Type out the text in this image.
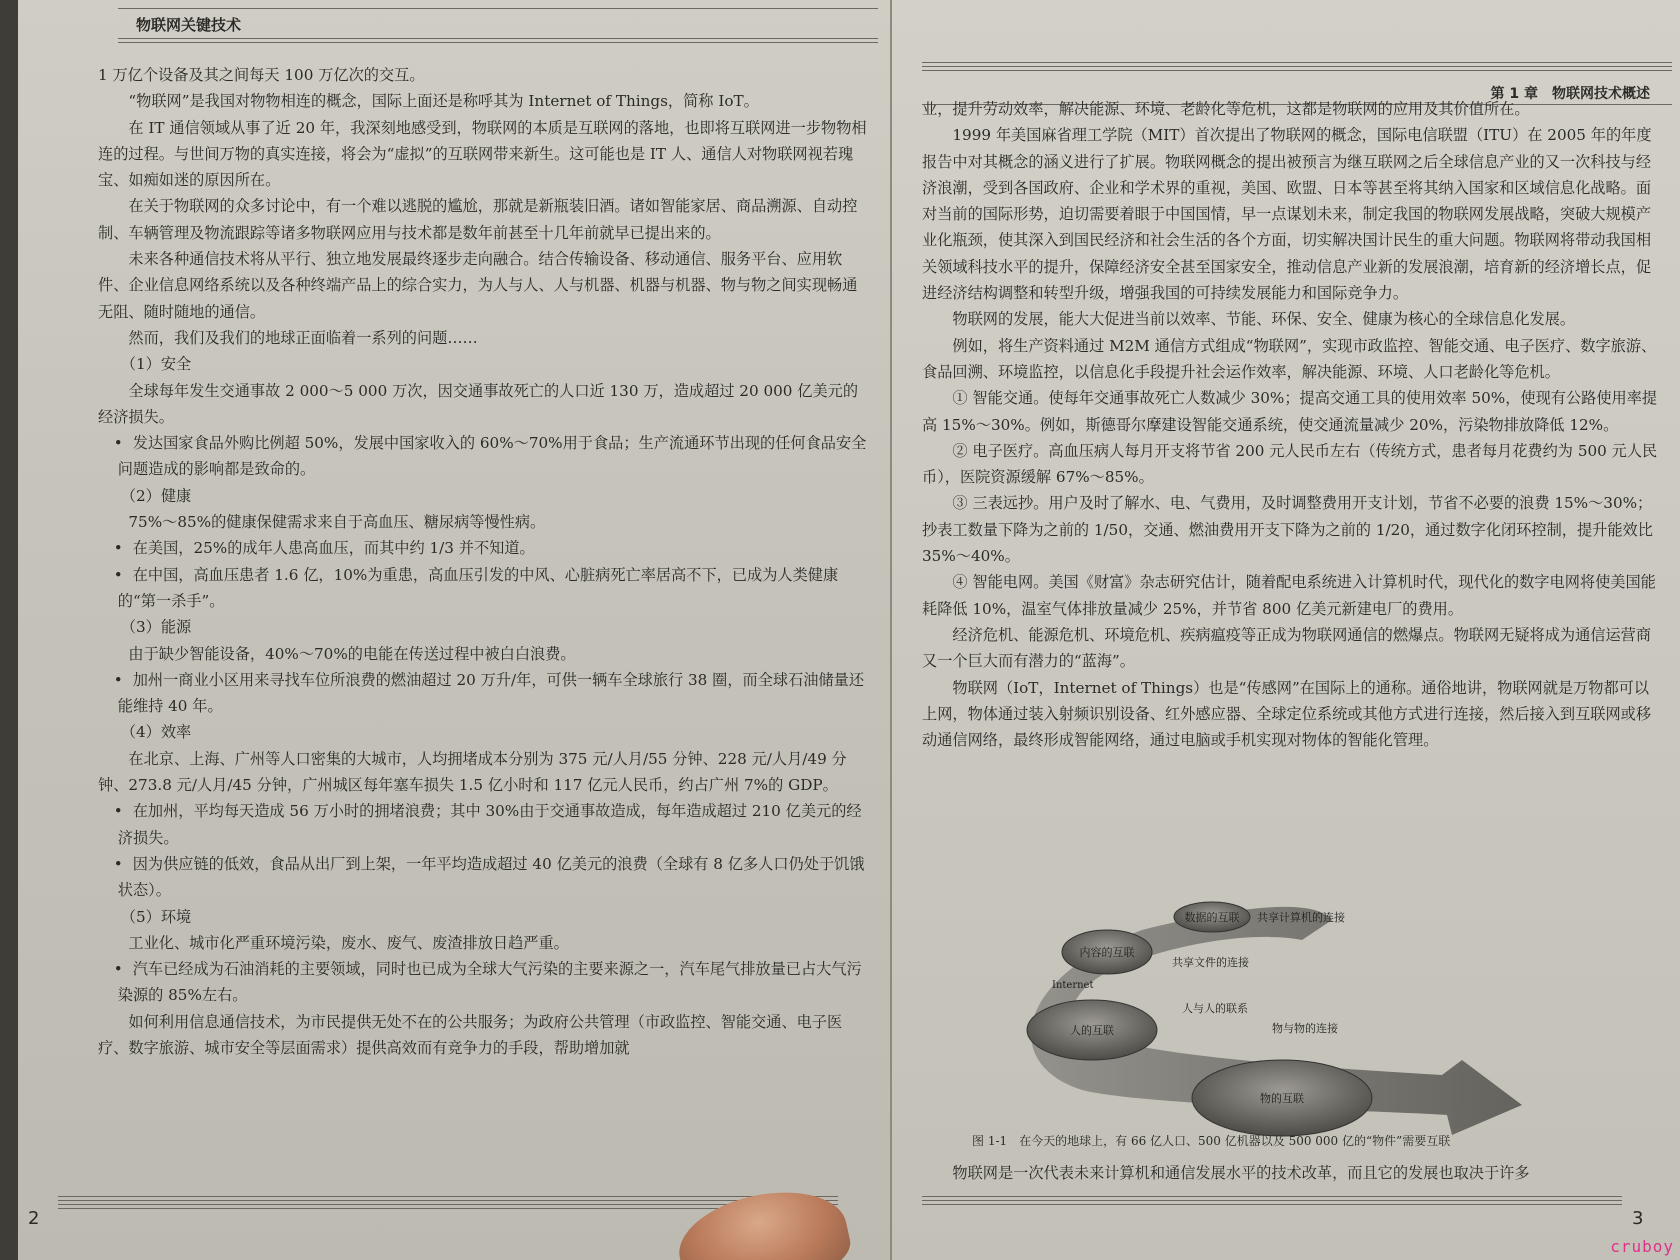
物联网关键技术

1 万亿个设备及其之间每天 100 万亿次的交互。

“物联网”是我国对物物相连的概念，国际上面还是称呼其为 Internet of Things，简称 IoT。

在 IT 通信领域从事了近 20 年，我深刻地感受到，物联网的本质是互联网的落地，也即将互联网进一步物物相连的过程。与世间万物的真实连接，将会为“虚拟”的互联网带来新生。这可能也是 IT 人、通信人对物联网视若瑰宝、如痴如迷的原因所在。

在关于物联网的众多讨论中，有一个难以逃脱的尴尬，那就是新瓶装旧酒。诸如智能家居、商品溯源、自动控制、车辆管理及物流跟踪等诸多物联网应用与技术都是数年前甚至十几年前就早已提出来的。

未来各种通信技术将从平行、独立地发展最终逐步走向融合。结合传输设备、移动通信、服务平台、应用软件、企业信息网络系统以及各种终端产品上的综合实力，为人与人、人与机器、机器与机器、物与物之间实现畅通无阻、随时随地的通信。

然而，我们及我们的地球正面临着一系列的问题……

（1）安全

全球每年发生交通事故 2 000～5 000 万次，因交通事故死亡的人口近 130 万，造成超过 20 000 亿美元的经济损失。

• 发达国家食品外购比例超 50%，发展中国家收入的 60%～70%用于食品；生产流通环节出现的任何食品安全问题造成的影响都是致命的。

（2）健康

75%～85%的健康保健需求来自于高血压、糖尿病等慢性病。

• 在美国，25%的成年人患高血压，而其中约 1/3 并不知道。

• 在中国，高血压患者 1.6 亿，10%为重患，高血压引发的中风、心脏病死亡率居高不下，已成为人类健康的“第一杀手”。

（3）能源

由于缺少智能设备，40%～70%的电能在传送过程中被白白浪费。

• 加州一商业小区用来寻找车位所浪费的燃油超过 20 万升/年，可供一辆车全球旅行 38 圈，而全球石油储量还能维持 40 年。

（4）效率

在北京、上海、广州等人口密集的大城市，人均拥堵成本分别为 375 元/人月/55 分钟、228 元/人月/49 分钟、273.8 元/人月/45 分钟，广州城区每年塞车损失 1.5 亿小时和 117 亿元人民币，约占广州 7%的 GDP。

• 在加州，平均每天造成 56 万小时的拥堵浪费；其中 30%由于交通事故造成，每年造成超过 210 亿美元的经济损失。

• 因为供应链的低效，食品从出厂到上架，一年平均造成超过 40 亿美元的浪费（全球有 8 亿多人口仍处于饥饿状态）。

（5）环境

工业化、城市化严重环境污染，废水、废气、废渣排放日趋严重。

• 汽车已经成为石油消耗的主要领域，同时也已成为全球大气污染的主要来源之一，汽车尾气排放量已占大气污染源的 85%左右。

如何利用信息通信技术，为市民提供无处不在的公共服务；为政府公共管理（市政监控、智能交通、电子医疗、数字旅游、城市安全等层面需求）提供高效而有竞争力的手段，帮助增加就

2
第 1 章　物联网技术概述

业，提升劳动效率，解决能源、环境、老龄化等危机，这都是物联网的应用及其价值所在。

1999 年美国麻省理工学院（MIT）首次提出了物联网的概念，国际电信联盟（ITU）在 2005 年的年度报告中对其概念的涵义进行了扩展。物联网概念的提出被预言为继互联网之后全球信息产业的又一次科技与经济浪潮，受到各国政府、企业和学术界的重视，美国、欧盟、日本等甚至将其纳入国家和区域信息化战略。面对当前的国际形势，迫切需要着眼于中国国情，早一点谋划未来，制定我国的物联网发展战略，突破大规模产业化瓶颈，使其深入到国民经济和社会生活的各个方面，切实解决国计民生的重大问题。物联网将带动我国相关领域科技水平的提升，保障经济安全甚至国家安全，推动信息产业新的发展浪潮，培育新的经济增长点，促进经济结构调整和转型升级，增强我国的可持续发展能力和国际竞争力。

物联网的发展，能大大促进当前以效率、节能、环保、安全、健康为核心的全球信息化发展。

例如，将生产资料通过 M2M 通信方式组成“物联网”，实现市政监控、智能交通、电子医疗、数字旅游、食品回溯、环境监控，以信息化手段提升社会运作效率，解决能源、环境、人口老龄化等危机。

① 智能交通。使每年交通事故死亡人数减少 30%；提高交通工具的使用效率 50%，使现有公路使用率提高 15%～30%。例如，斯德哥尔摩建设智能交通系统，使交通流量减少 20%，污染物排放降低 12%。

② 电子医疗。高血压病人每月开支将节省 200 元人民币左右（传统方式，患者每月花费约为 500 元人民币），医院资源缓解 67%～85%。

③ 三表远抄。用户及时了解水、电、气费用，及时调整费用开支计划，节省不必要的浪费 15%～30%；抄表工数量下降为之前的 1/50，交通、燃油费用开支下降为之前的 1/20，通过数字化闭环控制，提升能效比 35%～40%。

④ 智能电网。美国《财富》杂志研究估计，随着配电系统进入计算机时代，现代化的数字电网将使美国能耗降低 10%，温室气体排放量减少 25%，并节省 800 亿美元新建电厂的费用。

经济危机、能源危机、环境危机、疾病瘟疫等正成为物联网通信的燃爆点。物联网无疑将成为通信运营商又一个巨大而有潜力的“蓝海”。

物联网（IoT，Internet of Things）也是“传感网”在国际上的通称。通俗地讲，物联网就是万物都可以上网，物体通过装入射频识别设备、红外感应器、全球定位系统或其他方式进行连接，然后接入到互联网或移动通信网络，最终形成智能网络，通过电脑或手机实现对物体的智能化管理。

数据的互联 共享计算机的连接
内容的互联
共享文件的连接
Internet
人与人的联系
人的互联	物与物的连接
物的互联
图 1-1　在今天的地球上，有 66 亿人口、500 亿机器以及 500 000 亿的“物件”需要互联

物联网是一次代表未来计算机和通信发展水平的技术改革，而且它的发展也取决于许多

3
cruboy
